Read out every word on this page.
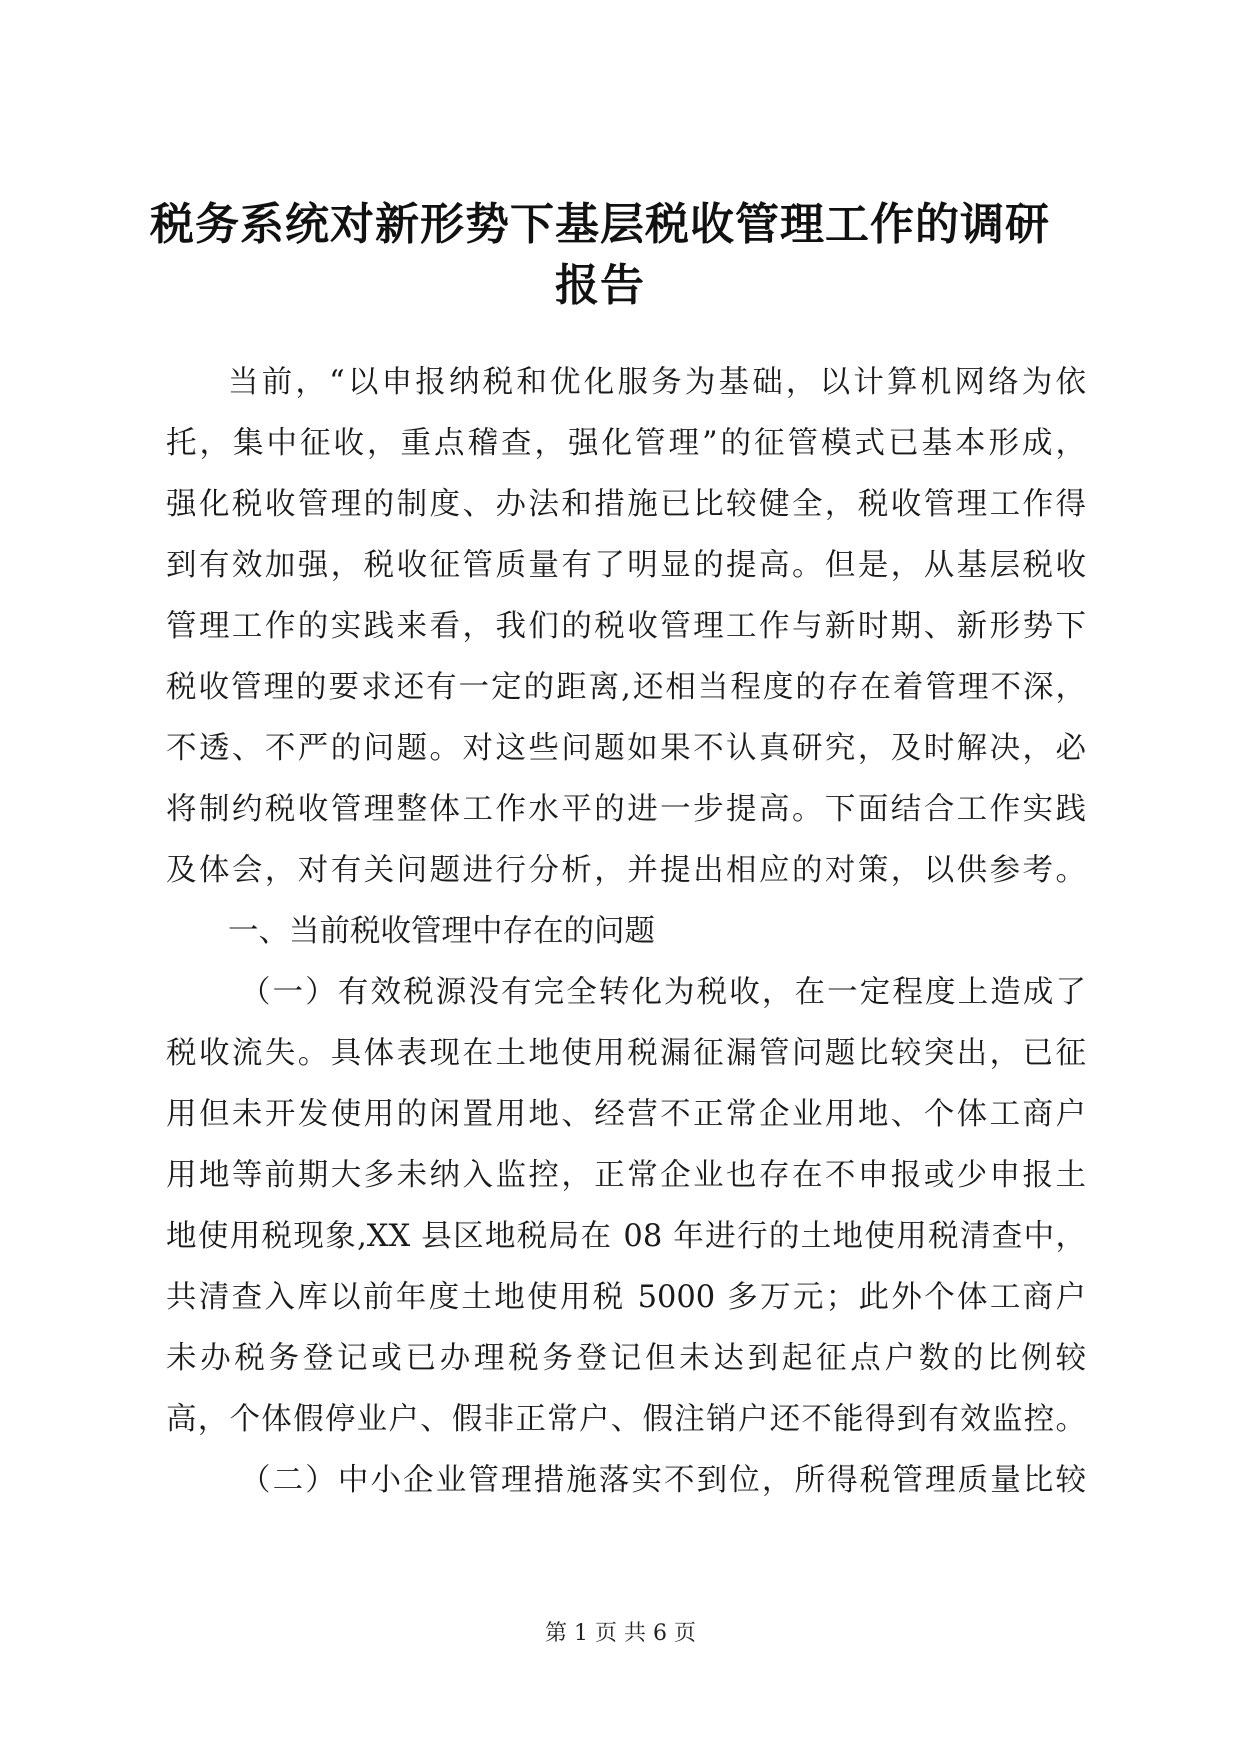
税务系统对新形势下基层税收管理工作的调研
报告
当前，“以申报纳税和优化服务为基础，以计算机网络为依
托，集中征收，重点稽查，强化管理”的征管模式已基本形成，
强化税收管理的制度、办法和措施已比较健全，税收管理工作得
到有效加强，税收征管质量有了明显的提高。但是，从基层税收
管理工作的实践来看，我们的税收管理工作与新时期、新形势下
税收管理的要求还有一定的距离,还相当程度的存在着管理不深，
不透、不严的问题。对这些问题如果不认真研究，及时解决，必
将制约税收管理整体工作水平的进一步提高。下面结合工作实践
及体会，对有关问题进行分析，并提出相应的对策，以供参考。
一、当前税收管理中存在的问题
（一）有效税源没有完全转化为税收，在一定程度上造成了
税收流失。具体表现在土地使用税漏征漏管问题比较突出，已征
用但未开发使用的闲置用地、经营不正常企业用地、个体工商户
用地等前期大多未纳入监控，正常企业也存在不申报或少申报土
地使用税现象,XX 县区地税局在 08 年进行的土地使用税清查中，
共清查入库以前年度土地使用税 5000 多万元；此外个体工商户
未办税务登记或已办理税务登记但未达到起征点户数的比例较
高，个体假停业户、假非正常户、假注销户还不能得到有效监控。
（二）中小企业管理措施落实不到位，所得税管理质量比较
第 1 页 共 6 页
